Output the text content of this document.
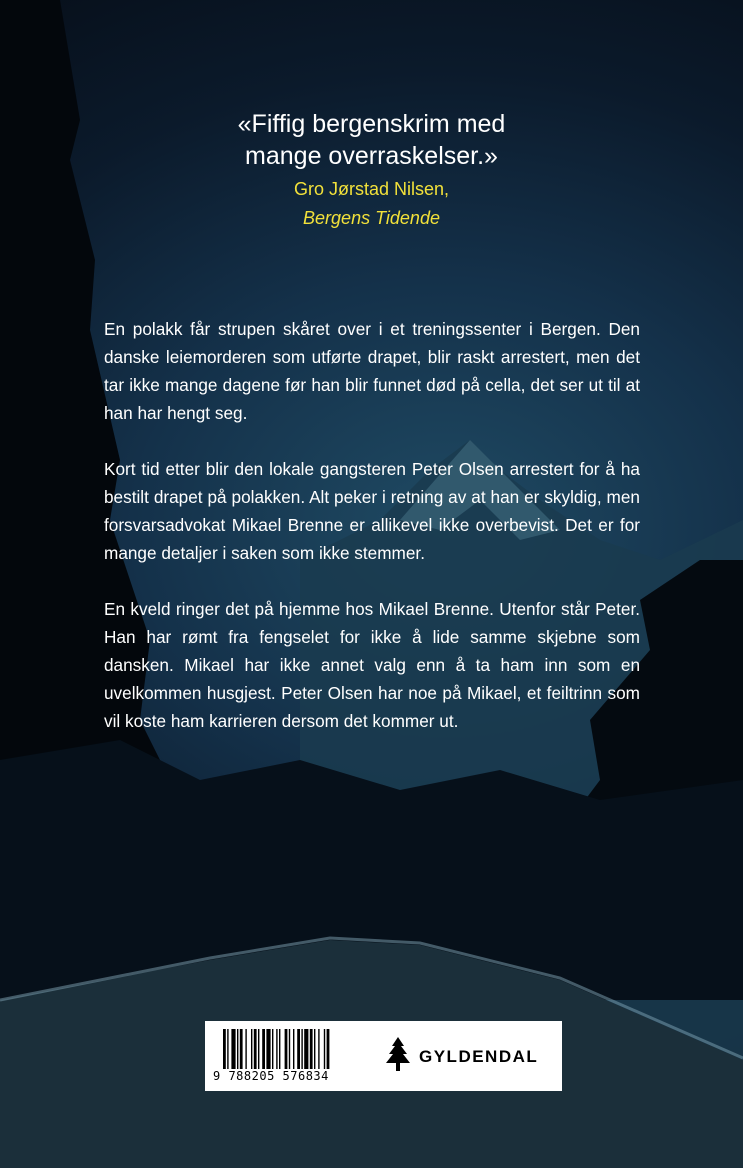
«Fiffig bergenskrim med
mange overraskelser.»

Gro Jørstad Nilsen,

Bergens Tidende

En polakk får strupen skåret over i et treningssenter i Bergen. Den danske leiemorderen som utførte drapet, blir raskt arrestert, men det tar ikke mange dagene før han blir funnet død på cella, det ser ut til at han har hengt seg.

Kort tid etter blir den lokale gangsteren Peter Olsen arrestert for å ha bestilt drapet på polakken. Alt peker i retning av at han er skyldig, men forsvarsadvokat Mikael Brenne er allikevel ikke overbevist. Det er for mange detaljer i saken som ikke stemmer.

En kveld ringer det på hjemme hos Mikael Brenne. Utenfor står Peter. Han har rømt fra fengselet for ikke å lide samme skjebne som dansken. Mikael har ikke annet valg enn å ta ham inn som en uvelkommen husgjest. Peter Olsen har noe på Mikael, et feiltrinn som vil koste ham karrieren dersom det kommer ut.

9 788205 576834
GYLDENDAL
